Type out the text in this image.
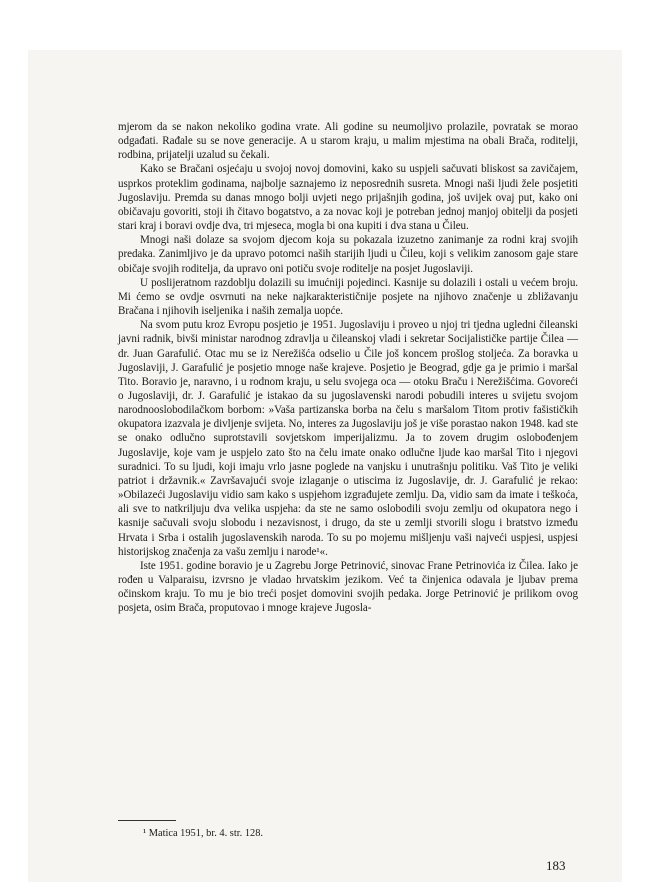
mjerom da se nakon nekoliko godina vrate. Ali godine su neumoljivo prolazile, povratak se morao odgađati. Rađale su se nove generacije. A u starom kraju, u malim mjestima na obali Brača, roditelji, rodbina, prijatelji uzalud su čekali.

Kako se Bračani osjećaju u svojoj novoj domovini, kako su uspjeli sačuvati bliskost sa zavičajem, usprkos proteklim godinama, najbolje saznajemo iz neposrednih susreta. Mnogi naši ljudi žele posjetiti Jugoslaviju. Premda su danas mnogo bolji uvjeti nego prijašnjih godina, još uvijek ovaj put, kako oni običavaju govoriti, stoji ih čitavo bogatstvo, a za novac koji je potreban jednoj manjoj obitelji da posjeti stari kraj i boravi ovdje dva, tri mjeseca, mogla bi ona kupiti i dva stana u Čileu.

Mnogi naši dolaze sa svojom djecom koja su pokazala izuzetno zanimanje za rodni kraj svojih predaka. Zanimljivo je da upravo potomci naših starijih ljudi u Čileu, koji s velikim zanosom gaje stare običaje svojih roditelja, da upravo oni potiču svoje roditelje na posjet Jugoslaviji.

U poslijeratnom razdoblju dolazili su imućniji pojedinci. Kasnije su dolazili i ostali u većem broju. Mi ćemo se ovdje osvrnuti na neke najkarakterističnije posjete na njihovo značenje u zbližavanju Bračana i njihovih iseljenika i naših zemalja uopće.

Na svom putu kroz Evropu posjetio je 1951. Jugoslaviju i proveo u njoj tri tjedna ugledni čileanski javni radnik, bivši ministar narodnog zdravlja u čileanskoj vladi i sekretar Socijalističke partije Čilea — dr. Juan Garafulić. Otac mu se iz Nerežišća odselio u Čile još koncem prošlog stoljeća. Za boravka u Jugoslaviji, J. Garafulić je posjetio mnoge naše krajeve. Posjetio je Beograd, gdje ga je primio i maršal Tito. Boravio je, naravno, i u rodnom kraju, u selu svojega oca — otoku Braču i Nerežišćima. Govoreći o Jugoslaviji, dr. J. Garafulić je istakao da su jugoslavenski narodi pobudili interes u svijetu svojom narodnooslobodilačkom borbom: »Vaša partizanska borba na čelu s maršalom Titom protiv fašističkih okupatora izazvala je divljenje svijeta. No, interes za Jugoslaviju još je više porastao nakon 1948. kad ste se onako odlučno suprotstavili sovjetskom imperijalizmu. Ja to zovem drugim oslobođenjem Jugoslavije, koje vam je uspjelo zato što na čelu imate onako odlučne ljude kao maršal Tito i njegovi suradnici. To su ljudi, koji imaju vrlo jasne poglede na vanjsku i unutrašnju politiku. Vaš Tito je veliki patriot i državnik.« Završavajući svoje izlaganje o utiscima iz Jugoslavije, dr. J. Garafulić je rekao: »Obilazeći Jugoslaviju vidio sam kako s uspjehom izgrađujete zemlju. Da, vidio sam da imate i teškoća, ali sve to natkriljuju dva velika uspjeha: da ste ne samo oslobodili svoju zemlju od okupatora nego i kasnije sačuvali svoju slobodu i nezavisnost, i drugo, da ste u zemlji stvorili slogu i bratstvo između Hrvata i Srba i ostalih jugoslavenskih naroda. To su po mojemu mišljenju vaši najveći uspjesi, uspjesi historijskog značenja za vašu zemlju i narode¹«.

Iste 1951. godine boravio je u Zagrebu Jorge Petrinović, sinovac Frane Petrinovića iz Čilea. Iako je rođen u Valparaisu, izvrsno je vladao hrvatskim jezikom. Već ta činjenica odavala je ljubav prema očinskom kraju. To mu je bio treći posjet domovini svojih pedaka. Jorge Petrinović je prilikom ovog posjeta, osim Brača, proputovao i mnoge krajeve Jugosla-

¹ Matica 1951, br. 4. str. 128.
183
